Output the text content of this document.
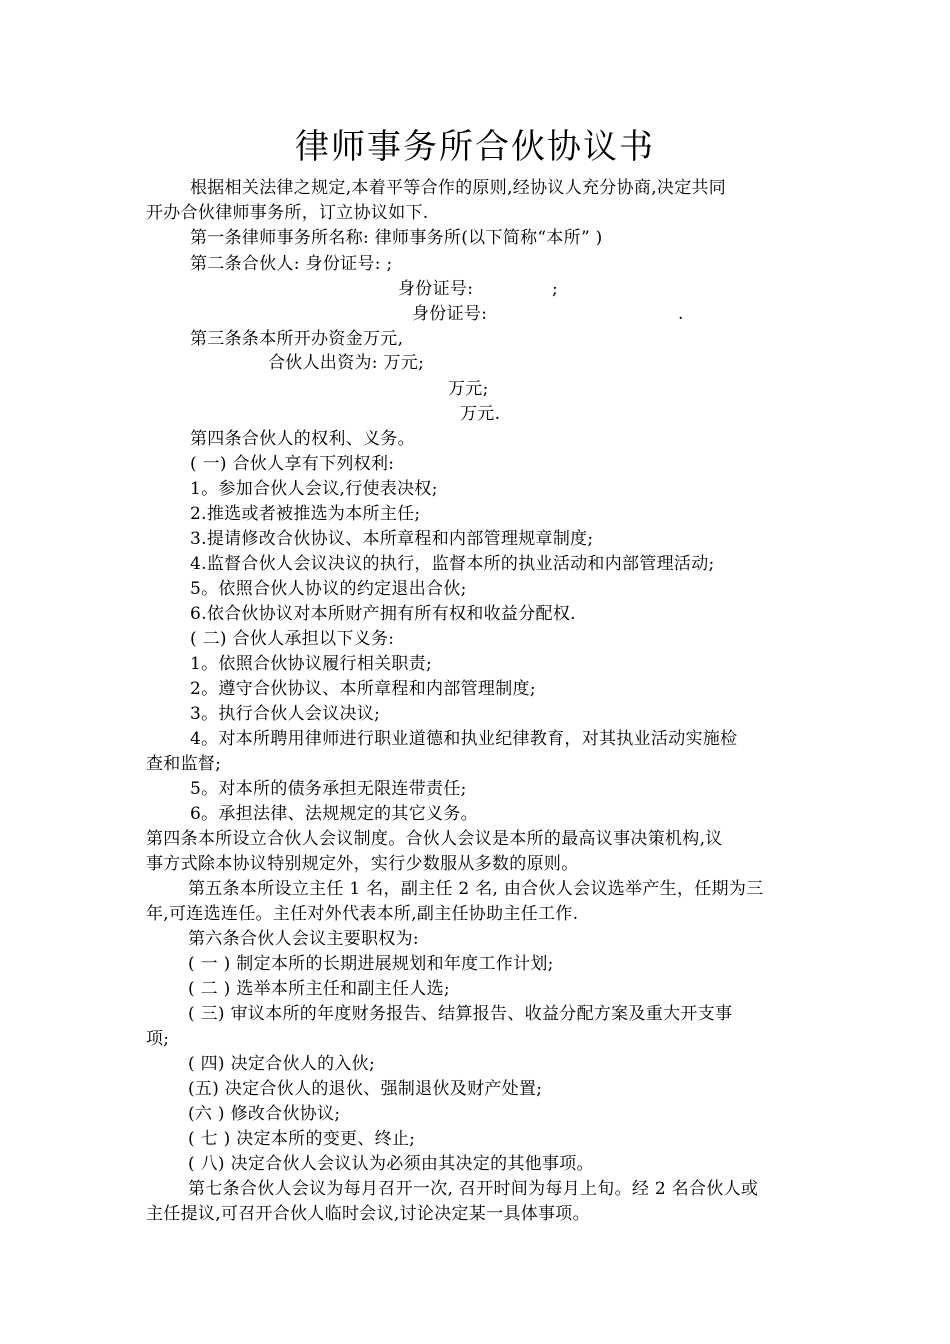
律师事务所合伙协议书
根据相关法律之规定,本着平等合作的原则,经协议人充分协商,决定共同
开办合伙律师事务所，订立协议如下.
第一条律师事务所名称: 律师事务所(以下简称“本所” )
第二条合伙人: 身份证号: ;
身份证号:	;
身份证号:	.
第三条条本所开办资金万元,
合伙人出资为: 万元;
万元;
万元.
第四条合伙人的权利、义务。
( 一) 合伙人享有下列权利:
1。参加合伙人会议,行使表决权;
2.推选或者被推选为本所主任;
3.提请修改合伙协议、本所章程和内部管理规章制度;
4.监督合伙人会议决议的执行，监督本所的执业活动和内部管理活动;
5。依照合伙人协议的约定退出合伙;
6.依合伙协议对本所财产拥有所有权和收益分配权.
( 二) 合伙人承担以下义务:
1。依照合伙协议履行相关职责;
2。遵守合伙协议、本所章程和内部管理制度;
3。执行合伙人会议决议;
4。对本所聘用律师进行职业道德和执业纪律教育，对其执业活动实施检
查和监督;
5。对本所的债务承担无限连带责任;
6。承担法律、法规规定的其它义务。
第四条本所设立合伙人会议制度。合伙人会议是本所的最高议事决策机构,议
事方式除本协议特别规定外，实行少数服从多数的原则。
第五条本所设立主任 1 名，副主任 2 名, 由合伙人会议选举产生，任期为三
年,可连选连任。主任对外代表本所,副主任协助主任工作.
第六条合伙人会议主要职权为:
( 一 ) 制定本所的长期进展规划和年度工作计划;
( 二 ) 选举本所主任和副主任人选;
( 三) 审议本所的年度财务报告、结算报告、收益分配方案及重大开支事
项;
( 四) 决定合伙人的入伙;
(五) 决定合伙人的退伙、强制退伙及财产处置;
(六 ) 修改合伙协议;
( 七 ) 决定本所的变更、终止;
( 八) 决定合伙人会议认为必须由其决定的其他事项。
第七条合伙人会议为每月召开一次, 召开时间为每月上旬。经 2 名合伙人或
主任提议,可召开合伙人临时会议,讨论决定某一具体事项。
